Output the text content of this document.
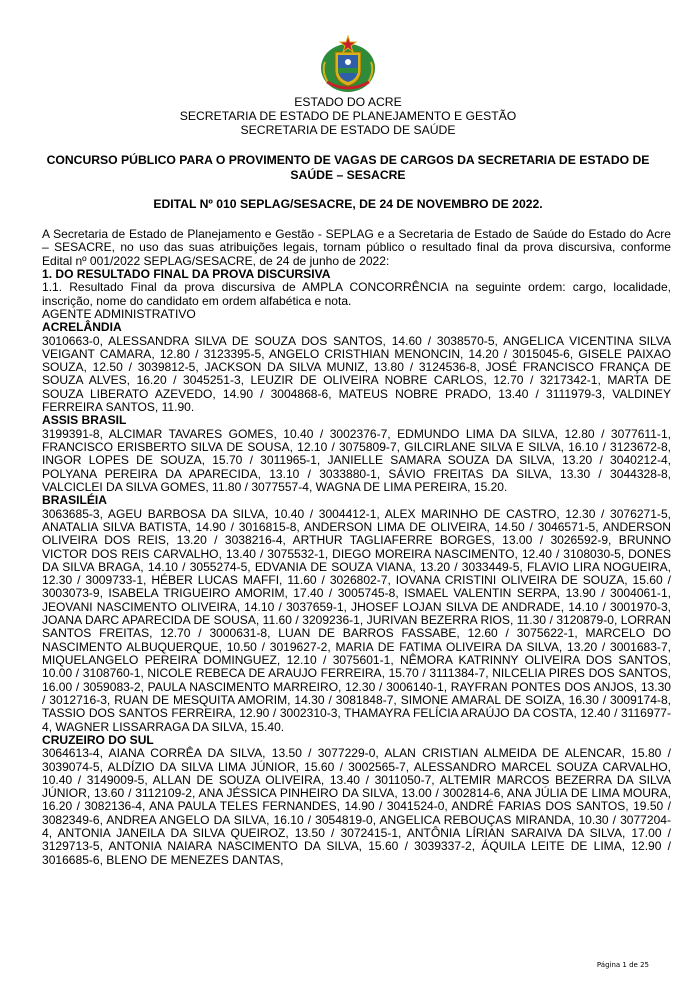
ESTADO DO ACRE
SECRETARIA DE ESTADO DE PLANEJAMENTO E GESTÃO
SECRETARIA DE ESTADO DE SAÚDE
CONCURSO PÚBLICO PARA O PROVIMENTO DE VAGAS DE CARGOS DA SECRETARIA DE ESTADO DE SAÚDE – SESACRE
EDITAL Nº 010 SEPLAG/SESACRE, DE 24 DE NOVEMBRO DE 2022.

A Secretaria de Estado de Planejamento e Gestão - SEPLAG e a Secretaria de Estado de Saúde do Estado do Acre – SESACRE, no uso das suas atribuições legais, tornam público o resultado final da prova discursiva, conforme Edital nº 001/2022 SEPLAG/SESACRE, de 24 de junho de 2022:

1. DO RESULTADO FINAL DA PROVA DISCURSIVA

1.1. Resultado Final da prova discursiva de AMPLA CONCORRÊNCIA na seguinte ordem: cargo, localidade, inscrição, nome do candidato em ordem alfabética e nota.

AGENTE ADMINISTRATIVO

ACRELÂNDIA

3010663-0, ALESSANDRA SILVA DE SOUZA DOS SANTOS, 14.60 / 3038570-5, ANGELICA VICENTINA SILVA VEIGANT CAMARA, 12.80 / 3123395-5, ANGELO CRISTHIAN MENONCIN, 14.20 / 3015045-6, GISELE PAIXAO SOUZA, 12.50 / 3039812-5, JACKSON DA SILVA MUNIZ, 13.80 / 3124536-8, JOSÉ FRANCISCO FRANÇA DE SOUZA ALVES, 16.20 / 3045251-3, LEUZIR DE OLIVEIRA NOBRE CARLOS, 12.70 / 3217342-1, MARTA DE SOUZA LIBERATO AZEVEDO, 14.90 / 3004868-6, MATEUS NOBRE PRADO, 13.40 / 3111979-3, VALDINEY FERREIRA SANTOS, 11.90.

ASSIS BRASIL

3199391-8, ALCIMAR TAVARES GOMES, 10.40 / 3002376-7, EDMUNDO LIMA DA SILVA, 12.80 / 3077611-1, FRANCISCO ERISBERTO SILVA DE SOUSA, 12.10 / 3075809-7, GILCIRLANE SILVA E SILVA, 16.10 / 3123672-8, INGOR LOPES DE SOUZA, 15.70 / 3011965-1, JANIELLE SAMARA SOUZA DA SILVA, 13.20 / 3040212-4, POLYANA PEREIRA DA APARECIDA, 13.10 / 3033880-1, SÁVIO FREITAS DA SILVA, 13.30 / 3044328-8, VALCICLEI DA SILVA GOMES, 11.80 / 3077557-4, WAGNA DE LIMA PEREIRA, 15.20.

BRASILÉIA

3063685-3, AGEU BARBOSA DA SILVA, 10.40 / 3004412-1, ALEX MARINHO DE CASTRO, 12.30 / 3076271-5, ANATALIA SILVA BATISTA, 14.90 / 3016815-8, ANDERSON LIMA DE OLIVEIRA, 14.50 / 3046571-5, ANDERSON OLIVEIRA DOS REIS, 13.20 / 3038216-4, ARTHUR TAGLIAFERRE BORGES, 13.00 / 3026592-9, BRUNNO VICTOR DOS REIS CARVALHO, 13.40 / 3075532-1, DIEGO MOREIRA NASCIMENTO, 12.40 / 3108030-5, DONES DA SILVA BRAGA, 14.10 / 3055274-5, EDVANIA DE SOUZA VIANA, 13.20 / 3033449-5, FLAVIO LIRA NOGUEIRA, 12.30 / 3009733-1, HÉBER LUCAS MAFFI, 11.60 / 3026802-7, IOVANA CRISTINI OLIVEIRA DE SOUZA, 15.60 / 3003073-9, ISABELA TRIGUEIRO AMORIM, 17.40 / 3005745-8, ISMAEL VALENTIN SERPA, 13.90 / 3004061-1, JEOVANI NASCIMENTO OLIVEIRA, 14.10 / 3037659-1, JHOSEF LOJAN SILVA DE ANDRADE, 14.10 / 3001970-3, JOANA DARC APARECIDA DE SOUSA, 11.60 / 3209236-1, JURIVAN BEZERRA RIOS, 11.30 / 3120879-0, LORRAN SANTOS FREITAS, 12.70 / 3000631-8, LUAN DE BARROS FASSABE, 12.60 / 3075622-1, MARCELO DO NASCIMENTO ALBUQUERQUE, 10.50 / 3019627-2, MARIA DE FATIMA OLIVEIRA DA SILVA, 13.20 / 3001683-7, MIQUELANGELO PEREIRA DOMINGUEZ, 12.10 / 3075601-1, NÊMORA KATRINNY OLIVEIRA DOS SANTOS, 10.00 / 3108760-1, NICOLE REBECA DE ARAUJO FERREIRA, 15.70 / 3111384-7, NILCELIA PIRES DOS SANTOS, 16.00 / 3059083-2, PAULA NASCIMENTO MARREIRO, 12.30 / 3006140-1, RAYFRAN PONTES DOS ANJOS, 13.30 / 3012716-3, RUAN DE MESQUITA AMORIM, 14.30 / 3081848-7, SIMONE AMARAL DE SOIZA, 16.30 / 3009174-8, TASSIO DOS SANTOS FERREIRA, 12.90 / 3002310-3, THAMAYRA FELÍCIA ARAÚJO DA COSTA, 12.40 / 3116977-4, WAGNER LISSARRAGA DA SILVA, 15.40.

CRUZEIRO DO SUL

3064613-4, AIANA CORRÊA DA SILVA, 13.50 / 3077229-0, ALAN CRISTIAN ALMEIDA DE ALENCAR, 15.80 / 3039074-5, ALDÍZIO DA SILVA LIMA JÚNIOR, 15.60 / 3002565-7, ALESSANDRO MARCEL SOUZA CARVALHO, 10.40 / 3149009-5, ALLAN DE SOUZA OLIVEIRA, 13.40 / 3011050-7, ALTEMIR MARCOS BEZERRA DA SILVA JÚNIOR, 13.60 / 3112109-2, ANA JÉSSICA PINHEIRO DA SILVA, 13.00 / 3002814-6, ANA JÚLIA DE LIMA MOURA, 16.20 / 3082136-4, ANA PAULA TELES FERNANDES, 14.90 / 3041524-0, ANDRÉ FARIAS DOS SANTOS, 19.50 / 3082349-6, ANDREA ANGELO DA SILVA, 16.10 / 3054819-0, ANGELICA REBOUÇAS MIRANDA, 10.30 / 3077204-4, ANTONIA JANEILA DA SILVA QUEIROZ, 13.50 / 3072415-1, ANTÔNIA LÍRIAN SARAIVA DA SILVA, 17.00 / 3129713-5, ANTONIA NAIARA NASCIMENTO DA SILVA, 15.60 / 3039337-2, ÁQUILA LEITE DE LIMA, 12.90 / 3016685-6, BLENO DE MENEZES DANTAS,

Página 1 de 25
